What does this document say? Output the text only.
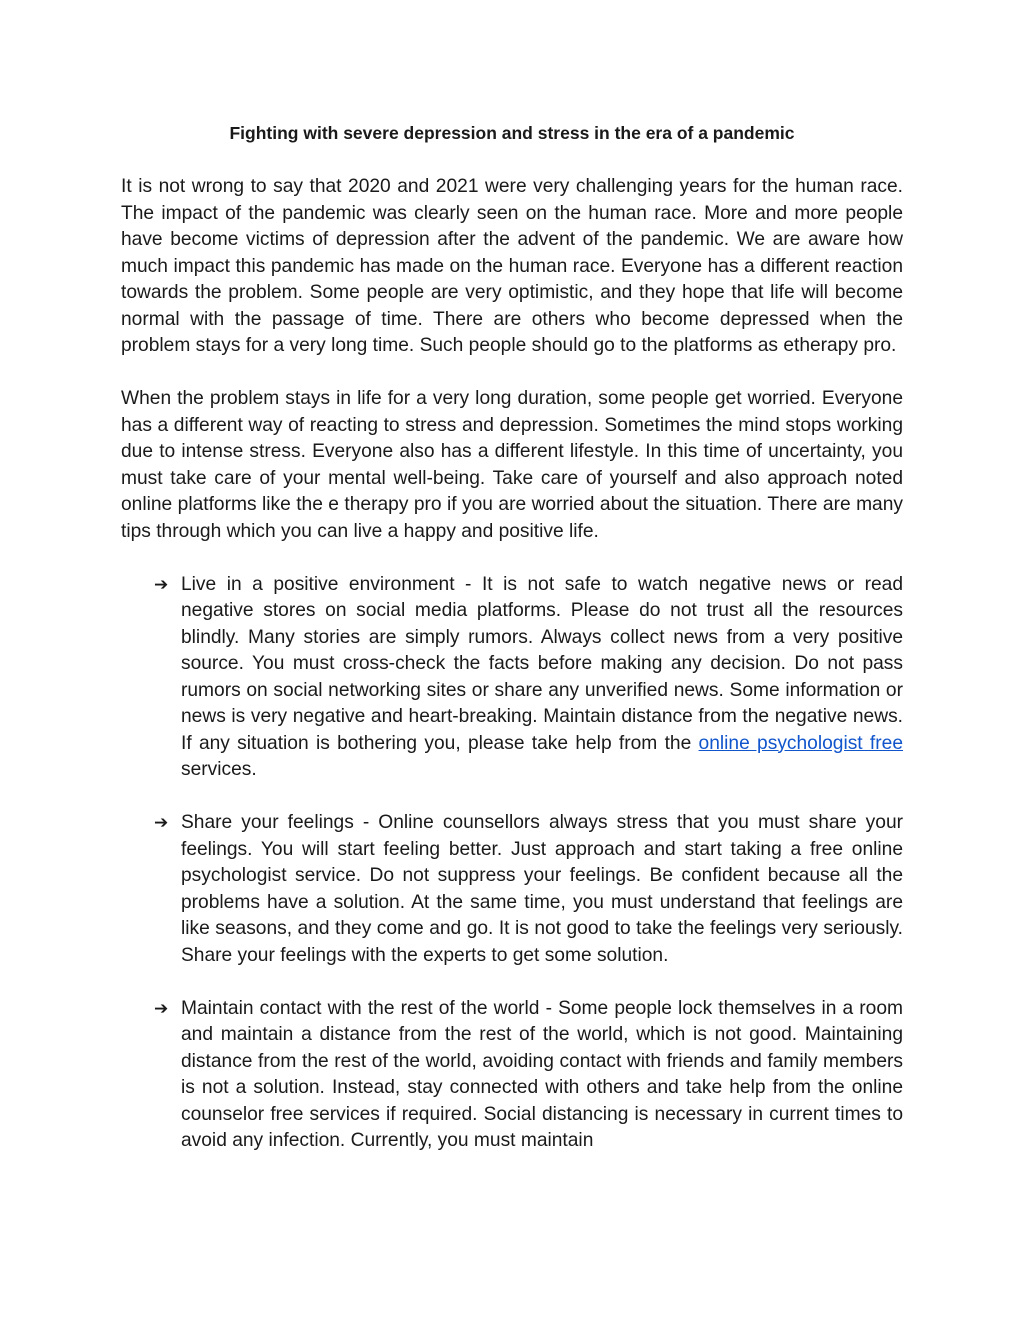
Fighting with severe depression and stress in the era of a pandemic

It is not wrong to say that 2020 and 2021 were very challenging years for the human race. The impact of the pandemic was clearly seen on the human race. More and more people have become victims of depression after the advent of the pandemic. We are aware how much impact this pandemic has made on the human race. Everyone has a different reaction towards the problem. Some people are very optimistic, and they hope that life will become normal with the passage of time. There are others who become depressed when the problem stays for a very long time. Such people should go to the platforms as etherapy pro.

When the problem stays in life for a very long duration, some people get worried. Everyone has a different way of reacting to stress and depression. Sometimes the mind stops working due to intense stress. Everyone also has a different lifestyle. In this time of uncertainty, you must take care of your mental well-being. Take care of yourself and also approach noted online platforms like the e therapy pro if you are worried about the situation. There are many tips through which you can live a happy and positive life.

➔ Live in a positive environment - It is not safe to watch negative news or read negative stores on social media platforms. Please do not trust all the resources blindly. Many stories are simply rumors. Always collect news from a very positive source. You must cross-check the facts before making any decision. Do not pass rumors on social networking sites or share any unverified news. Some information or news is very negative and heart-breaking. Maintain distance from the negative news. If any situation is bothering you, please take help from the online psychologist free services.
➔ Share your feelings - Online counsellors always stress that you must share your feelings. You will start feeling better. Just approach and start taking a free online psychologist service. Do not suppress your feelings. Be confident because all the problems have a solution. At the same time, you must understand that feelings are like seasons, and they come and go. It is not good to take the feelings very seriously. Share your feelings with the experts to get some solution.
➔ Maintain contact with the rest of the world - Some people lock themselves in a room and maintain a distance from the rest of the world, which is not good. Maintaining distance from the rest of the world, avoiding contact with friends and family members is not a solution. Instead, stay connected with others and take help from the online counselor free services if required. Social distancing is necessary in current times to avoid any infection. Currently, you must maintain
